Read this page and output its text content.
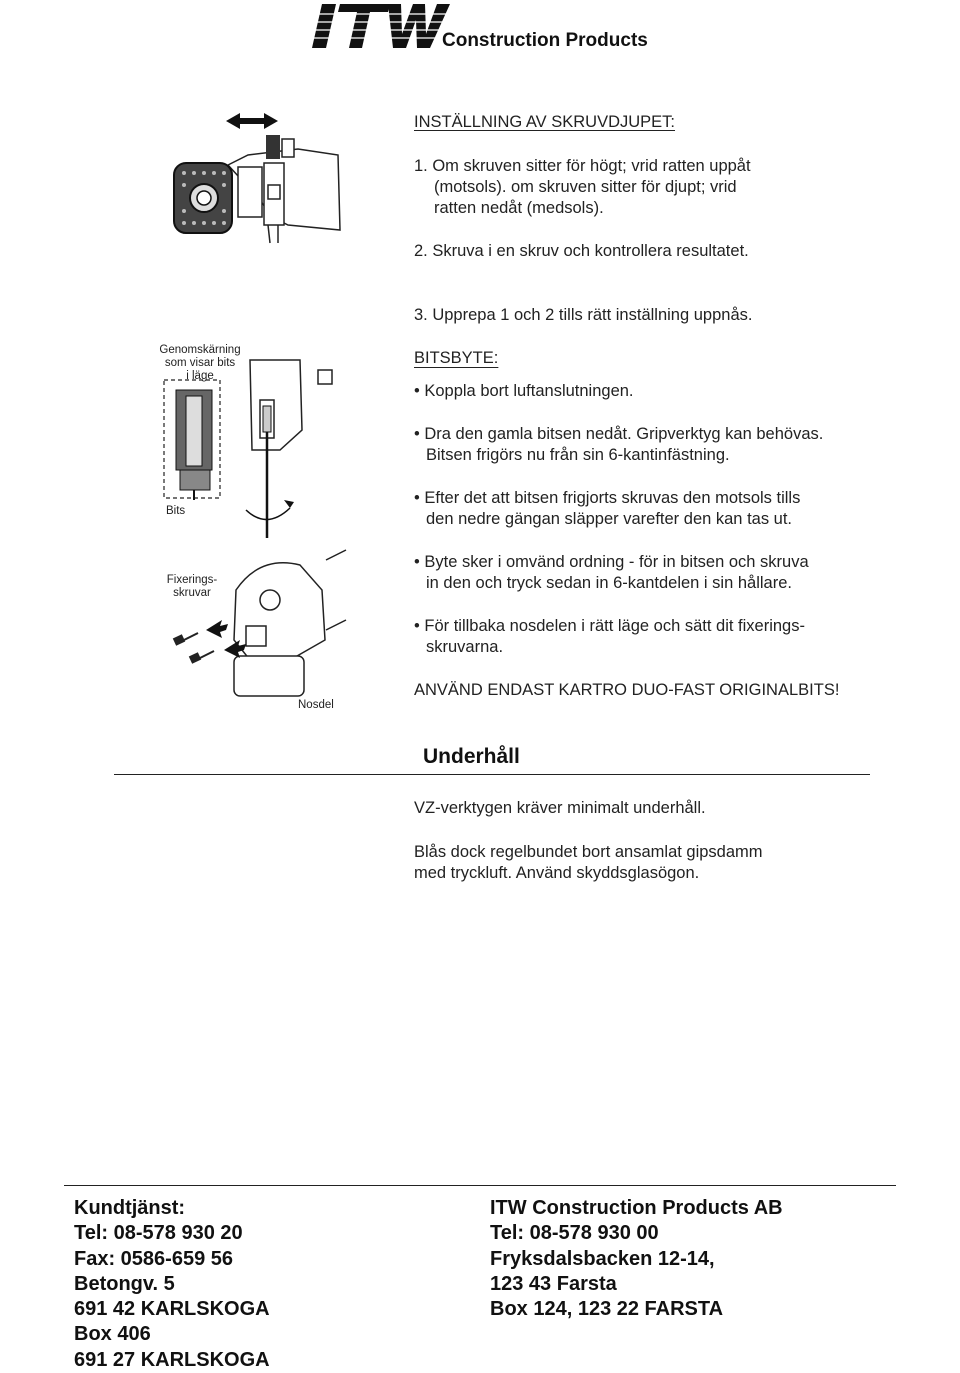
Construction Products
Genomskärning
som visar bits
i läge
Bits
Fixerings-
skruvar
Nosdel
INSTÄLLNING AV SKRUVDJUPET:
1. Om skruven sitter för högt; vrid ratten uppåt
(motsols). om skruven sitter för djupt; vrid
ratten nedåt (medsols).
2. Skruva i en skruv och kontrollera resultatet.
3. Upprepa 1 och 2 tills rätt inställning uppnås.
BITSBYTE:
• Koppla bort luftanslutningen.
• Dra den gamla bitsen nedåt. Gripverktyg kan behövas.
Bitsen frigörs nu från sin 6-kantinfästning.
• Efter det att bitsen frigjorts skruvas den motsols tills
den nedre gängan släpper varefter den kan tas ut.
• Byte sker i omvänd ordning - för in bitsen och skruva
in den och tryck sedan in 6-kantdelen i sin hållare.
• För tillbaka nosdelen i rätt läge och sätt dit fixerings-
skruvarna.
ANVÄND ENDAST KARTRO DUO-FAST ORIGINALBITS!
Underhåll
VZ-verktygen kräver minimalt underhåll.
Blås dock regelbundet bort ansamlat gipsdamm
med tryckluft. Använd skyddsglasögon.
Kundtjänst:
Tel: 08-578 930 20
Fax: 0586-659 56
Betongv. 5
691 42 KARLSKOGA
Box 406
691 27 KARLSKOGA
ITW Construction Products AB
Tel: 08-578 930 00
Fryksdalsbacken 12-14,
123 43 Farsta
Box 124, 123 22 FARSTA
